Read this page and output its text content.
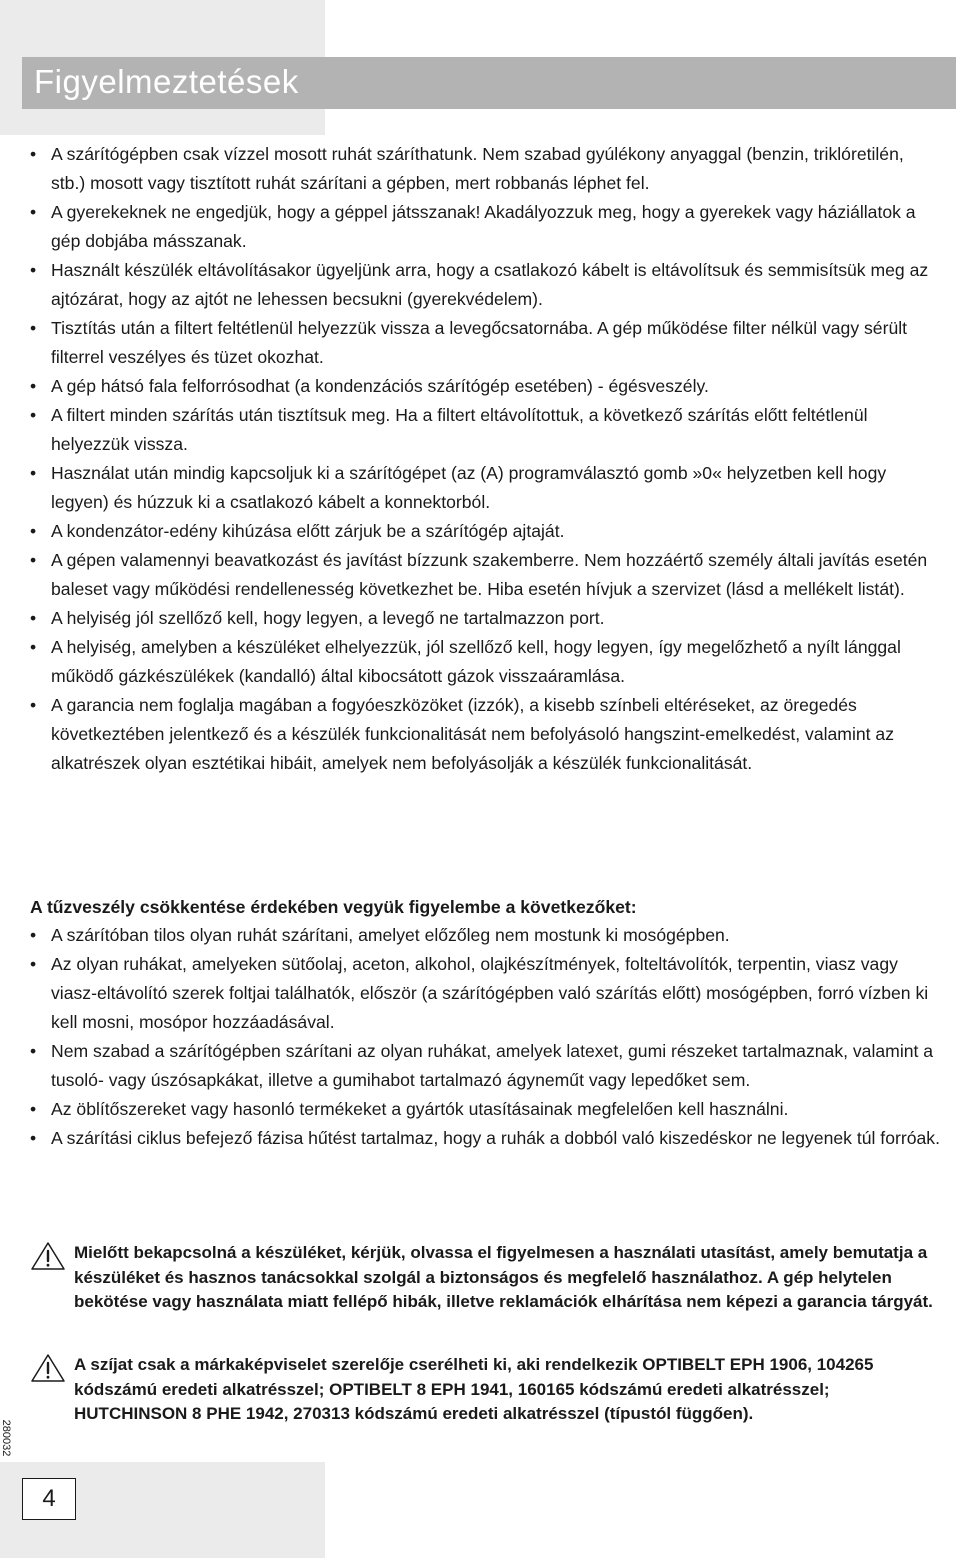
Figyelmeztetések
• A szárítógépben csak vízzel mosott ruhát száríthatunk. Nem szabad gyúlékony anyaggal (benzin, triklóretilén, stb.) mosott vagy tisztított ruhát szárítani a gépben, mert robbanás léphet fel.
• A gyerekeknek ne engedjük, hogy a géppel játsszanak! Akadályozzuk meg, hogy a gyerekek vagy háziállatok a gép dobjába másszanak.
• Használt készülék eltávolításakor ügyeljünk arra, hogy a csatlakozó kábelt is eltávolítsuk és semmisítsük meg az ajtózárat, hogy az ajtót ne lehessen becsukni (gyerekvédelem).
• Tisztítás után a filtert feltétlenül helyezzük vissza a levegőcsatornába. A gép működése filter nélkül vagy sérült filterrel veszélyes és tüzet okozhat.
• A gép hátsó fala felforrósodhat (a kondenzációs szárítógép esetében) - égésveszély.
• A filtert minden szárítás után tisztítsuk meg. Ha a filtert eltávolítottuk, a következő szárítás előtt feltétlenül helyezzük vissza.
• Használat után mindig kapcsoljuk ki a szárítógépet (az (A) programválasztó gomb »0« helyzetben kell hogy legyen) és húzzuk ki a csatlakozó kábelt a konnektorból.
• A kondenzátor-edény kihúzása előtt zárjuk be a szárítógép ajtaját.
• A gépen valamennyi beavatkozást és javítást bízzunk szakemberre. Nem hozzáértő személy általi javítás esetén baleset vagy működési rendellenesség következhet be. Hiba esetén hívjuk a szervizet (lásd a mellékelt listát).
• A helyiség jól szellőző kell, hogy legyen, a levegő ne tartalmazzon port.
• A helyiség, amelyben a készüléket elhelyezzük, jól szellőző kell, hogy legyen, így megelőzhető a nyílt lánggal működő gázkészülékek (kandalló) által kibocsátott gázok visszaáramlása.
• A garancia nem foglalja magában a fogyóeszközöket (izzók), a kisebb színbeli eltéréseket, az öregedés következtében jelentkező és a készülék funkcionalitását nem befolyásoló hangszint-emelkedést, valamint az alkatrészek olyan esztétikai hibáit, amelyek nem befolyásolják a készülék funkcionalitását.
A tűzveszély csökkentése érdekében vegyük figyelembe a következőket:
• A szárítóban tilos olyan ruhát szárítani, amelyet előzőleg nem mostunk ki mosógépben.
• Az olyan ruhákat, amelyeken sütőolaj, aceton, alkohol, olajkészítmények, folteltávolítók, terpentin, viasz vagy viasz-eltávolító szerek foltjai találhatók, először (a szárítógépben való szárítás előtt) mosógépben, forró vízben ki kell mosni, mosópor hozzáadásával.
• Nem szabad a szárítógépben szárítani az olyan ruhákat, amelyek latexet, gumi részeket tartalmaznak, valamint a tusoló- vagy úszósapkákat, illetve a gumihabot tartalmazó ágyneműt vagy lepedőket sem.
• Az öblítőszereket vagy hasonló termékeket a gyártók utasításainak megfelelően kell használni.
• A szárítási ciklus befejező fázisa hűtést tartalmaz, hogy a ruhák a dobból való kiszedéskor ne legyenek túl forróak.

Mielőtt bekapcsolná a készüléket, kérjük, olvassa el figyelmesen a használati utasítást, amely bemutatja a készüléket és hasznos tanácsokkal szolgál a biztonságos és megfelelő használathoz. A gép helytelen bekötése vagy használata miatt fellépő hibák, illetve reklamációk elhárítása nem képezi a garancia tárgyát.

A szíjat csak a márkaképviselet szerelője cserélheti ki, aki rendelkezik OPTIBELT EPH 1906, 104265 kódszámú eredeti alkatrésszel; OPTIBELT 8 EPH 1941, 160165 kódszámú eredeti alkatrésszel; HUTCHINSON 8 PHE 1942, 270313 kódszámú eredeti alkatrésszel (típustól függően).

280032
4
